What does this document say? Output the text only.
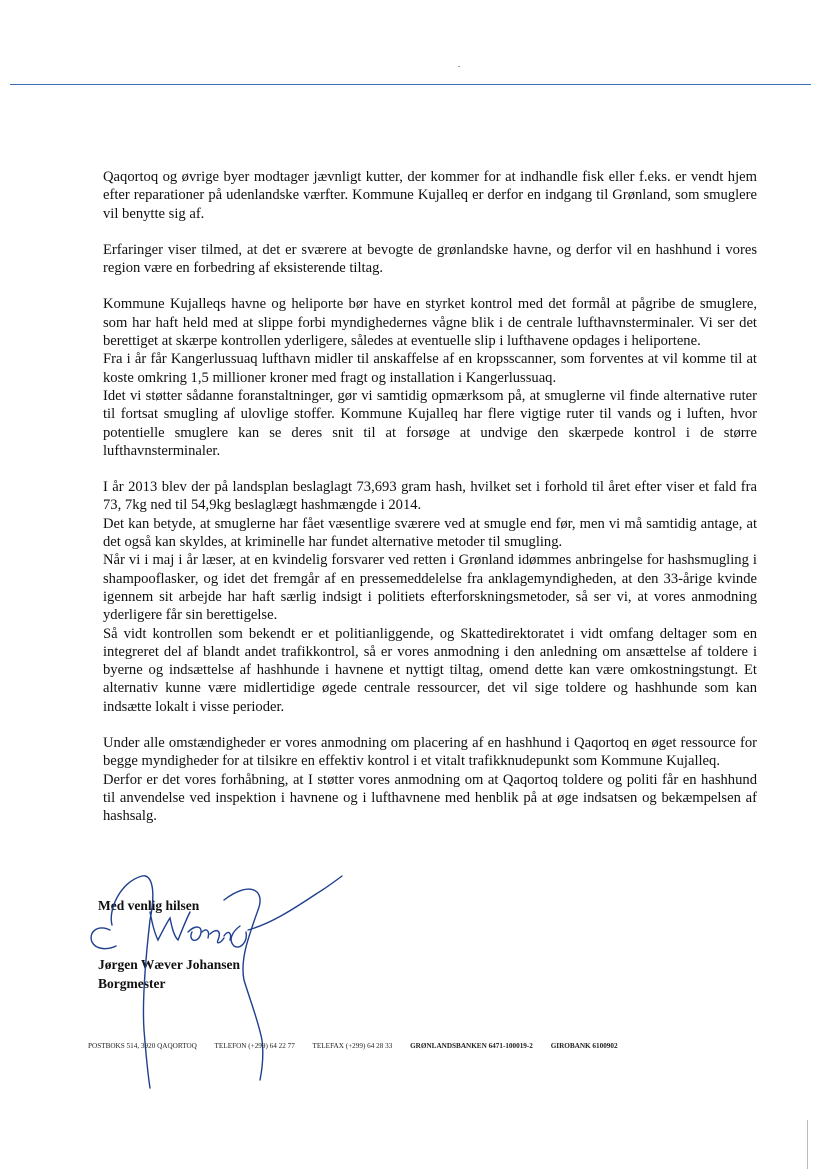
Qaqortoq og øvrige byer modtager jævnligt kutter, der kommer for at indhandle fisk eller f.eks. er vendt hjem efter reparationer på udenlandske værfter. Kommune Kujalleq er derfor en indgang til Grønland, som smuglere vil benytte sig af.

Erfaringer viser tilmed, at det er sværere at bevogte de grønlandske havne, og derfor vil en hashhund i vores region være en forbedring af eksisterende tiltag.

Kommune Kujalleqs havne og heliporte bør have en styrket kontrol med det formål at pågribe de smuglere, som har haft held med at slippe forbi myndighedernes vågne blik i de centrale lufthavnsterminaler. Vi ser det berettiget at skærpe kontrollen yderligere, således at eventuelle slip i lufthavene opdages i heliportene.

Fra i år får Kangerlussuaq lufthavn midler til anskaffelse af en kropsscanner, som forventes at vil komme til at koste omkring 1,5 millioner kroner med fragt og installation i Kangerlussuaq.

Idet vi støtter sådanne foranstaltninger, gør vi samtidig opmærksom på, at smuglerne vil finde alternative ruter til fortsat smugling af ulovlige stoffer. Kommune Kujalleq har flere vigtige ruter til vands og i luften, hvor potentielle smuglere kan se deres snit til at forsøge at undvige den skærpede kontrol i de større lufthavnsterminaler.

I år 2013 blev der på landsplan beslaglagt 73,693 gram hash, hvilket set i forhold til året efter viser et fald fra 73, 7kg ned til 54,9kg beslaglægt hashmængde i 2014.

Det kan betyde, at smuglerne har fået væsentlige sværere ved at smugle end før, men vi må samtidig antage, at det også kan skyldes, at kriminelle har fundet alternative metoder til smugling.

Når vi i maj i år læser, at en kvindelig forsvarer ved retten i Grønland idømmes anbringelse for hashsmugling i shampooflasker, og idet det fremgår af en pressemeddelelse fra anklagemyndigheden, at den 33-årige kvinde igennem sit arbejde har haft særlig indsigt i politiets efterforskningsmetoder, så ser vi, at vores anmodning yderligere får sin berettigelse.

Så vidt kontrollen som bekendt er et politianliggende, og Skattedirektoratet i vidt omfang deltager som en integreret del af blandt andet trafikkontrol, så er vores anmodning i den anledning om ansættelse af toldere i byerne og indsættelse af hashhunde i havnene et nyttigt tiltag, omend dette kan være omkostningstungt. Et alternativ kunne være midlertidige øgede centrale ressourcer, det vil sige toldere og hashhunde som kan indsætte lokalt i visse perioder.

Under alle omstændigheder er vores anmodning om placering af en hashhund i Qaqortoq en øget ressource for begge myndigheder for at tilsikre en effektiv kontrol i et vitalt trafikknudepunkt som Kommune Kujalleq.

Derfor er det vores forhåbning, at I støtter vores anmodning om at Qaqortoq toldere og politi får en hashhund til anvendelse ved inspektion i havnene og i lufthavnene med henblik på at øge indsatsen og bekæmpelsen af hashsalg.

Med venlig hilsen
Jørgen Wæver Johansen
Borgmester
POSTBOKS 514, 3920 QAQORTOQ TELEFON (+299) 64 22 77 TELEFAX (+299) 64 28 33 GRØNLANDSBANKEN 6471-100019-2 GIROBANK 6100902
